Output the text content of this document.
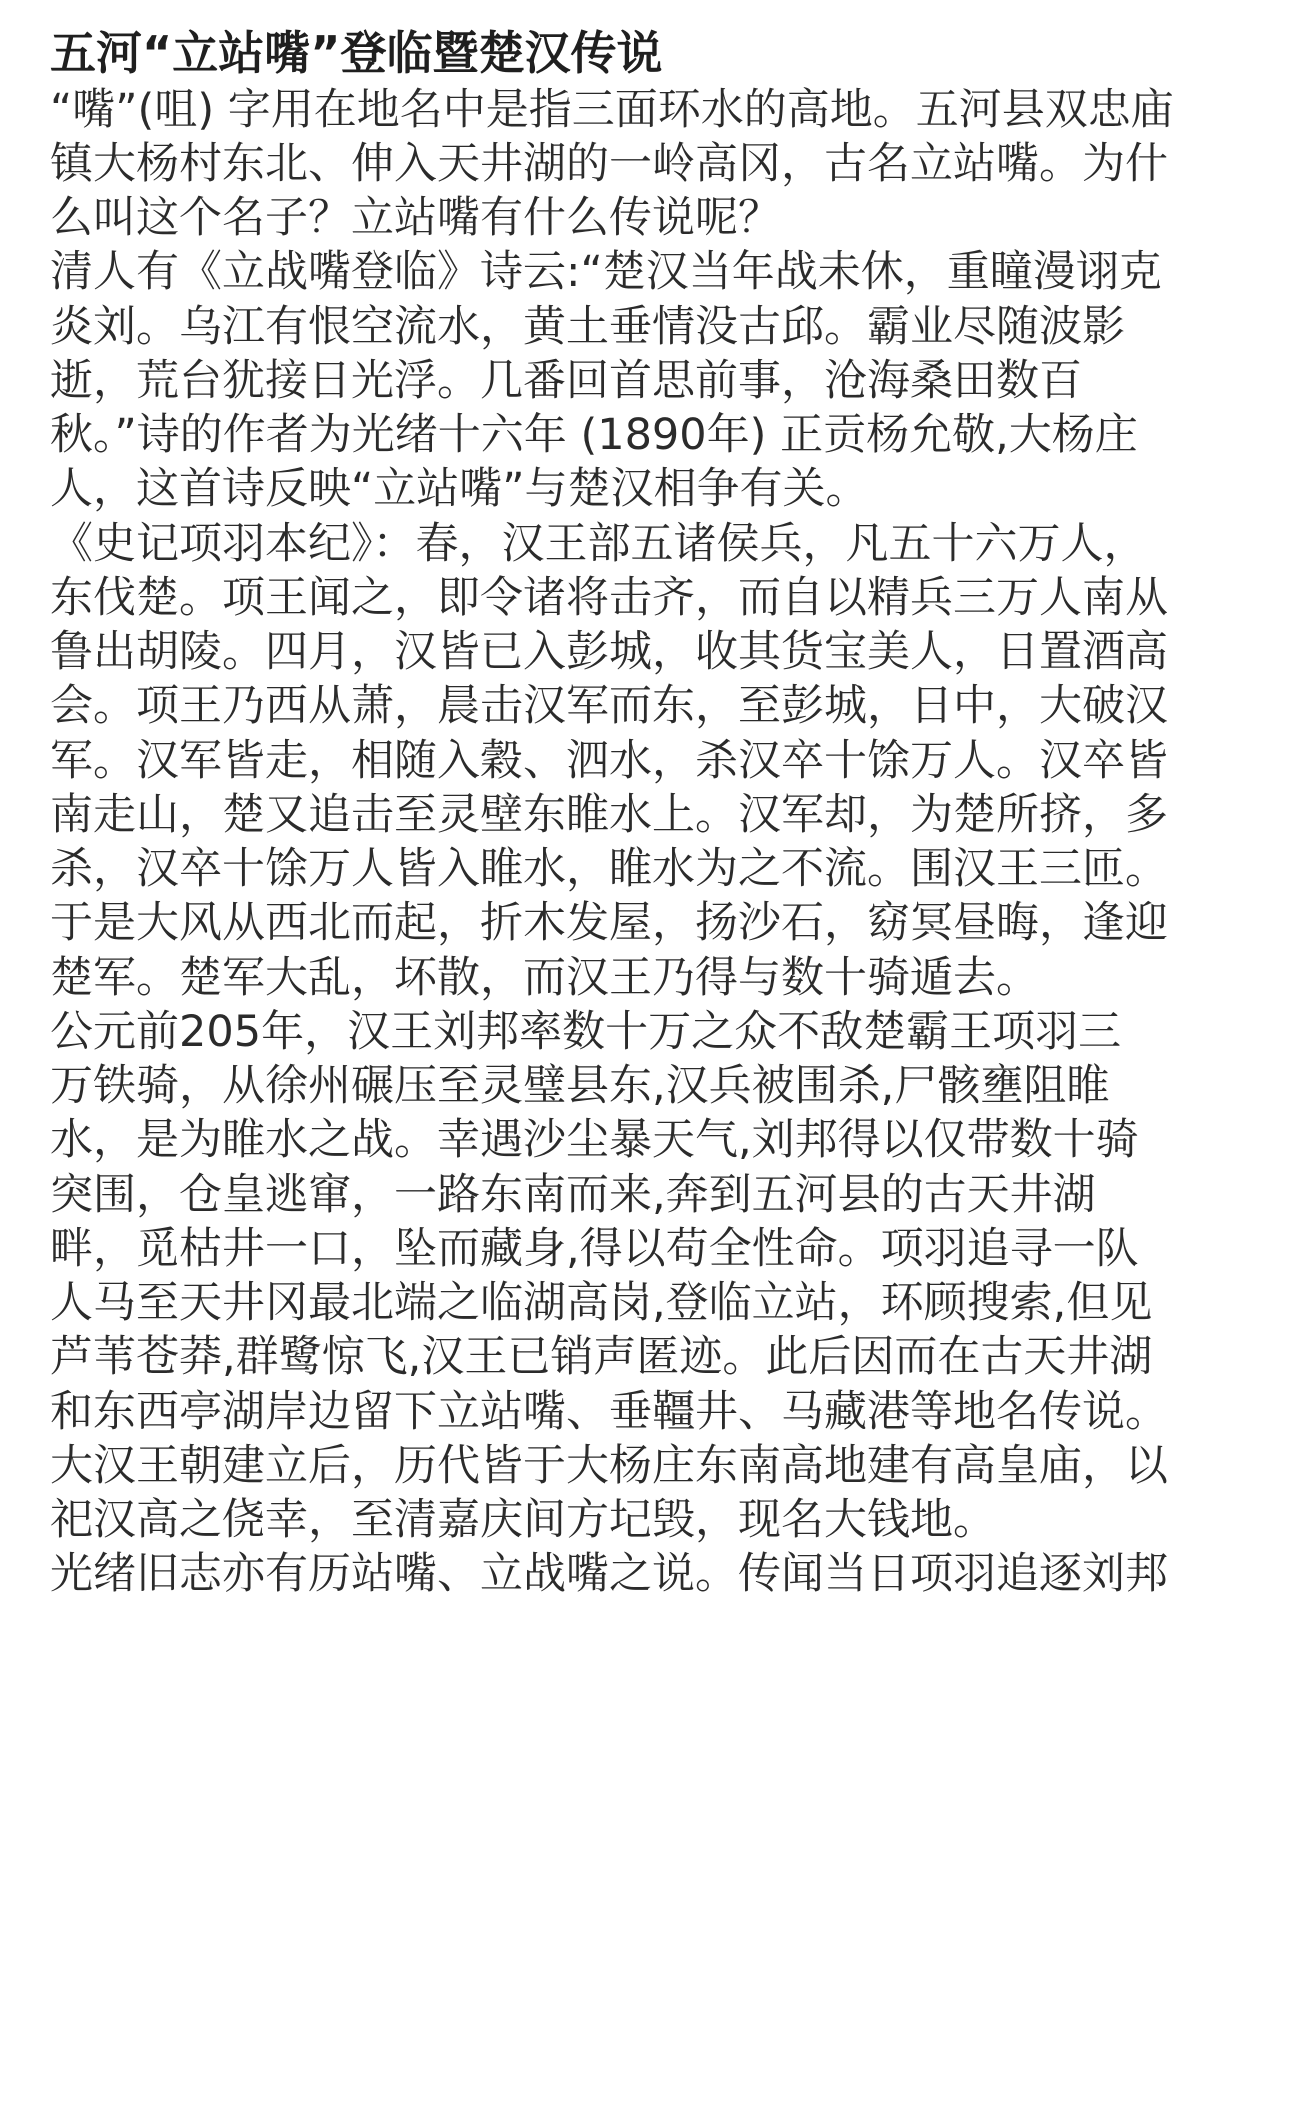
五河“立站嘴”登临暨楚汉传说
“嘴”(咀) 字用在地名中是指三面环水的高地。五河县双忠庙
镇大杨村东北、伸入天井湖的一岭高冈，古名立站嘴。为什
么叫这个名子？立站嘴有什么传说呢？
清人有《立战嘴登临》诗云:“楚汉当年战未休，重瞳漫诩克
炎刘。乌江有恨空流水，黄土垂情没古邱。霸业尽随波影
逝，荒台犹接日光浮。几番回首思前事，沧海桑田数百
秋。”诗的作者为光绪十六年 (1890年) 正贡杨允敬,大杨庄
人，这首诗反映“立站嘴”与楚汉相争有关。
《史记项羽本纪》：春，汉王部五诸侯兵，凡五十六万人，
东伐楚。项王闻之，即令诸将击齐，而自以精兵三万人南从
鲁出胡陵。四月，汉皆已入彭城，收其货宝美人，日置酒高
会。项王乃西从萧，晨击汉军而东，至彭城，日中，大破汉
军。汉军皆走，相随入穀、泗水，杀汉卒十馀万人。汉卒皆
南走山，楚又追击至灵壁东睢水上。汉军却，为楚所挤，多
杀，汉卒十馀万人皆入睢水，睢水为之不流。围汉王三匝。
于是大风从西北而起，折木发屋，扬沙石，窈冥昼晦，逢迎
楚军。楚军大乱，坏散，而汉王乃得与数十骑遁去。
公元前205年，汉王刘邦率数十万之众不敌楚霸王项羽三
万铁骑，从徐州碾压至灵璧县东,汉兵被围杀,尸骸壅阻睢
水，是为睢水之战。幸遇沙尘暴天气,刘邦得以仅带数十骑
突围，仓皇逃窜，一路东南而来,奔到五河县的古天井湖
畔，觅枯井一口，坠而藏身,得以苟全性命。项羽追寻一队
人马至天井冈最北端之临湖高岗,登临立站，环顾搜索,但见
芦苇苍莽,群鹭惊飞,汉王已销声匿迹。此后因而在古天井湖
和东西亭湖岸边留下立站嘴、垂韁井、马藏港等地名传说。
大汉王朝建立后，历代皆于大杨庄东南高地建有高皇庙，以
祀汉高之侥幸，至清嘉庆间方圮毁，现名大钱地。
光绪旧志亦有历站嘴、立战嘴之说。传闻当日项羽追逐刘邦
